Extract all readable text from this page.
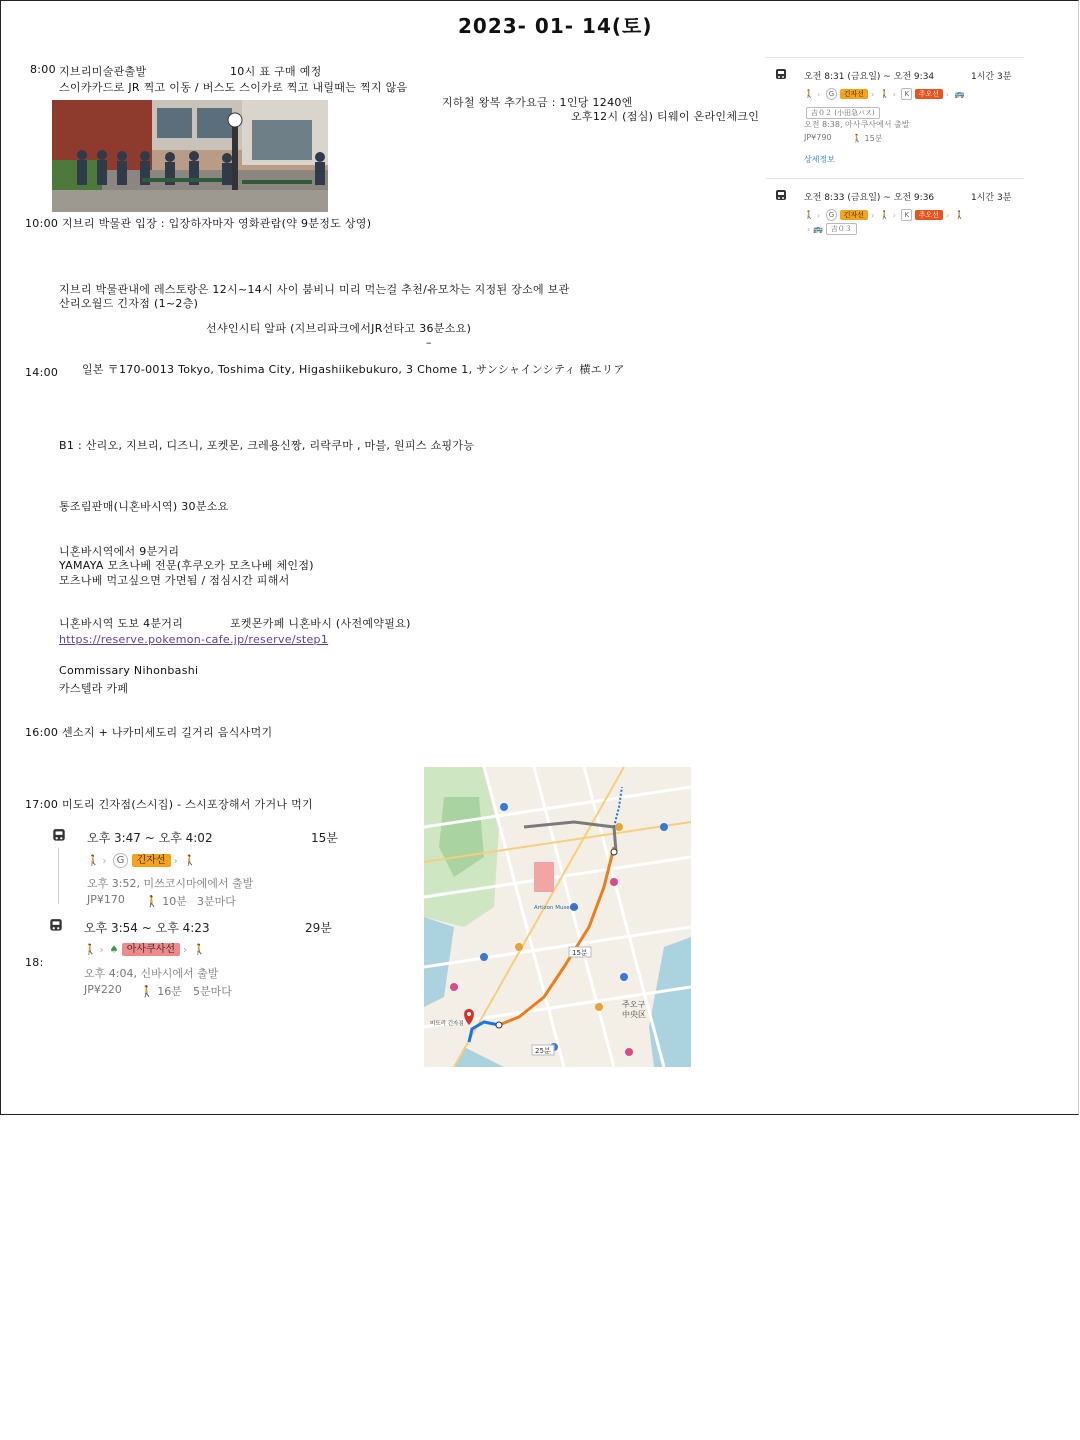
2023- 01- 14(토)
8:00 지브리미술관출발	10시 표 구매 예정
스이카카드로 JR 찍고 이동 / 버스도 스이카로 찍고 내릴때는 찍지 않음
지하철 왕복 추가요금 : 1인당 1240엔
오후12시 (점심) 티웨이 온라인체크인
10:00 지브리 박물관 입장 : 입장하자마자 영화관람(약 9분정도 상영)
지브리 박물관내에 레스토랑은 12시~14시 사이 붐비니 미리 먹는걸 추천/유모차는 지정된 장소에 보관
산리오월드 긴자점 (1~2층)
선샤인시티 알파 (지브리파크에서JR선타고 36분소요)
–
14:00 일본 〒170-0013 Tokyo, Toshima City, Higashiikebukuro, 3 Chome 1, サンシャインシティ 横エリア
B1 : 산리오, 지브리, 디즈니, 포켓몬, 크레용신짱, 리락쿠마 , 마블, 원피스 쇼핑가능
통조림판매(니혼바시역) 30분소요
니혼바시역에서 9분거리
YAMAYA 모츠나베 전문(후쿠오카 모츠나베 체인점)
모츠나베 먹고싶으면 가면됨 / 점심시간 피해서
니혼바시역 도보 4분거리	포켓몬카페 니혼바시 (사전예약필요)
https://reserve.pokemon-cafe.jp/reserve/step1
Commissary Nihonbashi
카스텔라 카페
16:00 센소지 + 나카미세도리 길거리 음식사먹기
17:00 미도리 긴자점(스시집) - 스시포장해서 가거나 먹기
18:
오전 8:31 (금요일) ~ 오전 9:34	1시간 3분
🚶 › G 긴자선 › 🚶 › K 주오선 › 🚌
吉０２ (小田急バス)
오전 8:38, 아사쿠사에서 출발
JP¥790	🚶 15분
상세정보
오전 8:33 (금요일) ~ 오전 9:36	1시간 3분
🚶 › G 긴자선 › 🚶 › K 주오선 › 🚶
› 🚌 吉０３
오후 3:47 ~ 오후 4:02	15분
🚶 › G 긴자선 › 🚶
오후 3:52, 미쓰코시마에에서 출발
JP¥170 🚶 10분 3분마다
오후 3:54 ~ 오후 4:23	29분
🚶 › ♠ 아사쿠사선 › 🚶
오후 4:04, 신바시에서 출발
JP¥220 🚶 16분 5분마다
15분
25분
주오구
中央区
미도리 긴자점
Artizon Museum
